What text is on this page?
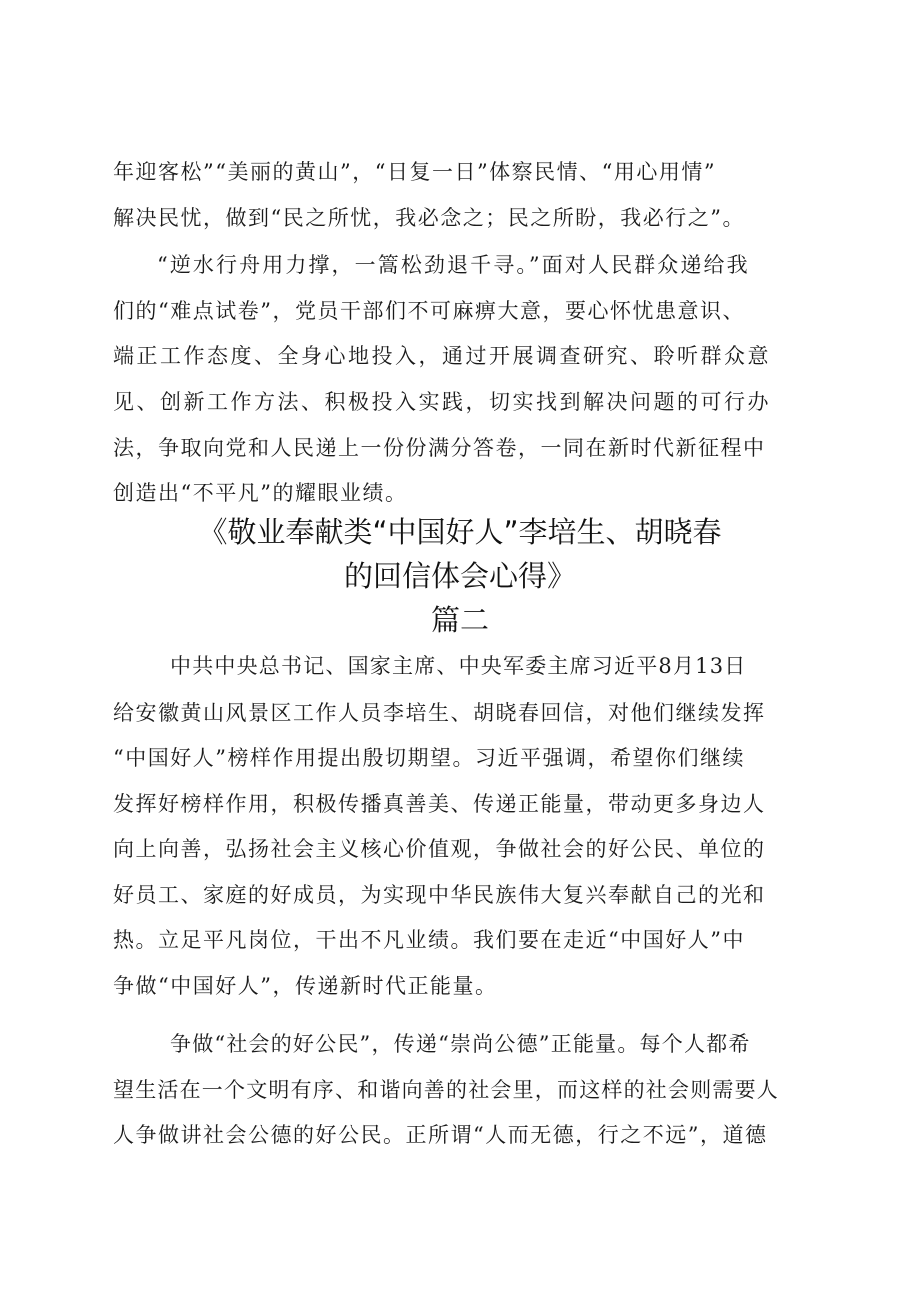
年迎客松”“美丽的黄山”，“日复一日”体察民情、“用心用情”
解决民忧，做到“民之所忧，我必念之；民之所盼，我必行之”。
“逆水行舟用力撑，一篙松劲退千寻。”面对人民群众递给我
们的“难点试卷”，党员干部们不可麻痹大意，要心怀忧患意识、
端正工作态度、全身心地投入，通过开展调查研究、聆听群众意
见、创新工作方法、积极投入实践，切实找到解决问题的可行办
法，争取向党和人民递上一份份满分答卷，一同在新时代新征程中
创造出“不平凡”的耀眼业绩。
《敬业奉献类“中国好人”李培生、胡晓春
的回信体会心得》
篇二
中共中央总书记、国家主席、中央军委主席习近平8月13日
给安徽黄山风景区工作人员李培生、胡晓春回信，对他们继续发挥
“中国好人”榜样作用提出殷切期望。习近平强调，希望你们继续
发挥好榜样作用，积极传播真善美、传递正能量，带动更多身边人
向上向善，弘扬社会主义核心价值观，争做社会的好公民、单位的
好员工、家庭的好成员，为实现中华民族伟大复兴奉献自己的光和
热。立足平凡岗位，干出不凡业绩。我们要在走近“中国好人”中
争做“中国好人”，传递新时代正能量。
争做“社会的好公民”，传递“崇尚公德”正能量。每个人都希
望生活在一个文明有序、和谐向善的社会里，而这样的社会则需要人
人争做讲社会公德的好公民。正所谓“人而无德，行之不远”，道德
